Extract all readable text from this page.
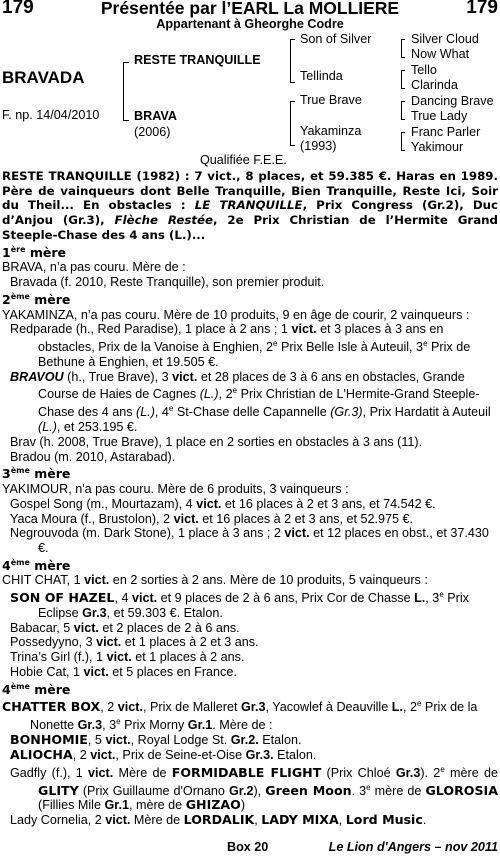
179	Présentée par l’EARL La MOLLIERE	179
Appartenant à Gheorghe Codre
BRAVADA
F. np. 14/04/2010
RESTE TRANQUILLE
BRAVA
(2006)
Son of Silver
Tellinda
True Brave
Yakaminza
(1993)
Silver Cloud
Now What
Tello
Clarinda
Dancing Brave
True Lady
Franc Parler
Yakimour
Qualifiée F.E.E.

RESTE TRANQUILLE (1982) : 7 vict., 8 places, et 59.385 €. Haras en 1989. Père de vainqueurs dont Belle Tranquille, Bien Tranquille, Reste Ici, Soir du Theil... En obstacles : LE TRANQUILLE, Prix Congress (Gr.2), Duc d’Anjou (Gr.3), Flèche Restée, 2e Prix Christian de l’Hermite Grand Steeple-Chase des 4 ans (L.)...

1ère mère

BRAVA, n’a pas couru. Mère de :

Bravada (f. 2010, Reste Tranquille), son premier produit.

2ème mère

YAKAMINZA, n’a pas couru. Mère de 10 produits, 9 en âge de courir, 2 vainqueurs :

Redparade (h., Red Paradise), 1 place à 2 ans ; 1 vict. et 3 places à 3 ans en obstacles, Prix de la Vanoise à Enghien, 2e Prix Belle Isle à Auteuil, 3e Prix de Bethune à Enghien, et 19.505 €.

BRAVOU (h., True Brave), 3 vict. et 28 places de 3 à 6 ans en obstacles, Grande Course de Haies de Cagnes (L.), 2e Prix Christian de L'Hermite-Grand Steeple-Chase des 4 ans (L.), 4e St-Chase delle Capannelle (Gr.3), Prix Hardatit à Auteuil (L.), et 253.195 €.

Brav (h. 2008, True Brave), 1 place en 2 sorties en obstacles à 3 ans (11).

Bradou (m. 2010, Astarabad).

3ème mère

YAKIMOUR, n'a pas couru. Mère de 6 produits, 3 vainqueurs :

Gospel Song (m., Mourtazam), 4 vict. et 16 places à 2 et 3 ans, et 74.542 €.

Yaca Moura (f., Brustolon), 2 vict. et 16 places à 2 et 3 ans, et 52.975 €.

Negrouvoda (m. Dark Stone), 1 place à 3 ans ; 2 vict. et 12 places en obst., et 37.430 €.

4ème mère

CHIT CHAT, 1 vict. en 2 sorties à 2 ans. Mère de 10 produits, 5 vainqueurs :

SON OF HAZEL, 4 vict. et 9 places de 2 à 6 ans, Prix Cor de Chasse L., 3e Prix Eclipse Gr.3, et 59.303 €. Etalon.

Babacar, 5 vict. et 2 places de 2 à 6 ans.

Possedyyno, 3 vict. et 1 places à 2 et 3 ans.

Trina’s Girl (f.), 1 vict. et 1 places à 2 ans.

Hobie Cat, 1 vict. et 5 places en France.

4ème mère

CHATTER BOX, 2 vict., Prix de Malleret Gr.3, Yacowlef à Deauville L., 2e Prix de la Nonette Gr.3, 3e Prix Morny Gr.1. Mère de :

BONHOMIE, 5 vict., Royal Lodge St. Gr.2. Etalon.

ALIOCHA, 2 vict., Prix de Seine-et-Oise Gr.3. Etalon.

Gadfly (f.), 1 vict. Mère de FORMIDABLE FLIGHT (Prix Chloé Gr.3). 2e mère de GLITY (Prix Guillaume d'Ornano Gr.2), Green Moon. 3e mère de GLOROSIA (Fillies Mile Gr.1, mère de GHIZAO)

Lady Cornelia, 2 vict. Mère de LORDALIK, LADY MIXA, Lord Music.

Box 20	Le Lion d'Angers – nov 2011
